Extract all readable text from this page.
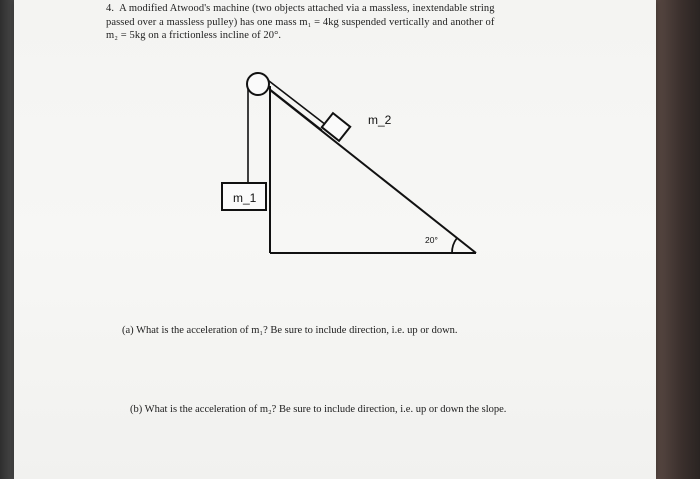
4. A modified Atwood's machine (two objects attached via a massless, inextendable string
passed over a massless pulley) has one mass m₁ = 4kg suspended vertically and another of
m₂ = 5kg on a frictionless incline of 20°.
(a) What is the acceleration of m₁? Be sure to include direction, i.e. up or down.
(b) What is the acceleration of m₂? Be sure to include direction, i.e. up or down the slope.
m_2
m_1
20°
